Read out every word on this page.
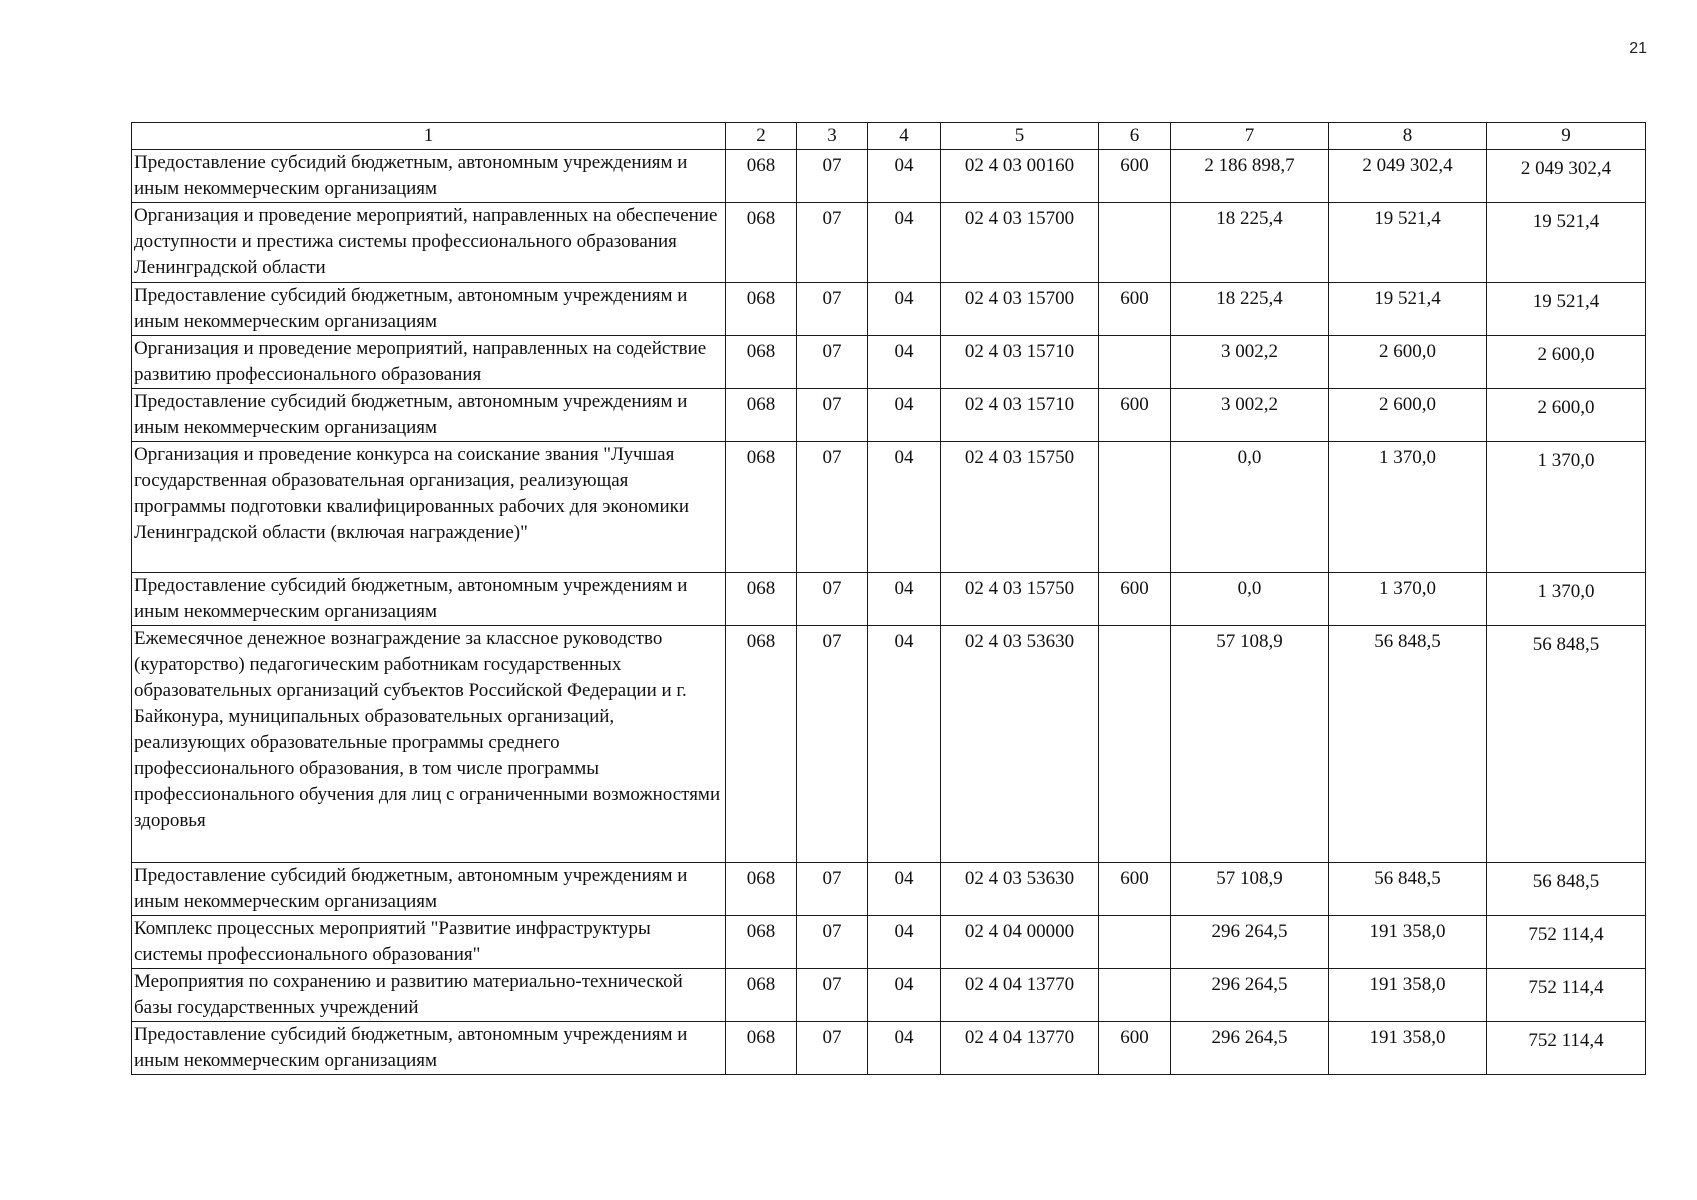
21
1	2	3	4	5	6	7	8	9
Предоставление субсидий бюджетным, автономным учреждениям и иным некоммерческим организациям	068	07	04	02 4 03 00160	600	2 186 898,7	2 049 302,4	2 049 302,4
Организация и проведение мероприятий, направленных на обеспечение доступности и престижа системы профессионального образования Ленинградской области	068	07	04	02 4 03 15700		18 225,4	19 521,4	19 521,4
Предоставление субсидий бюджетным, автономным учреждениям и иным некоммерческим организациям	068	07	04	02 4 03 15700	600	18 225,4	19 521,4	19 521,4
Организация и проведение мероприятий, направленных на содействие развитию профессионального образования	068	07	04	02 4 03 15710		3 002,2	2 600,0	2 600,0
Предоставление субсидий бюджетным, автономным учреждениям и иным некоммерческим организациям	068	07	04	02 4 03 15710	600	3 002,2	2 600,0	2 600,0
Организация и проведение конкурса на соискание звания "Лучшая государственная образовательная организация, реализующая программы подготовки квалифицированных рабочих для экономики Ленинградской области (включая награждение)"	068	07	04	02 4 03 15750		0,0	1 370,0	1 370,0
Предоставление субсидий бюджетным, автономным учреждениям и иным некоммерческим организациям	068	07	04	02 4 03 15750	600	0,0	1 370,0	1 370,0
Ежемесячное денежное вознаграждение за классное руководство (кураторство) педагогическим работникам государственных образовательных организаций субъектов Российской Федерации и г. Байконура, муниципальных образовательных организаций, реализующих образовательные программы среднего профессионального образования, в том числе программы профессионального обучения для лиц с ограниченными возможностями здоровья	068	07	04	02 4 03 53630		57 108,9	56 848,5	56 848,5
Предоставление субсидий бюджетным, автономным учреждениям и иным некоммерческим организациям	068	07	04	02 4 03 53630	600	57 108,9	56 848,5	56 848,5
Комплекс процессных мероприятий "Развитие инфраструктуры системы профессионального образования"	068	07	04	02 4 04 00000		296 264,5	191 358,0	752 114,4
Мероприятия по сохранению и развитию материально-технической базы государственных учреждений	068	07	04	02 4 04 13770		296 264,5	191 358,0	752 114,4
Предоставление субсидий бюджетным, автономным учреждениям и иным некоммерческим организациям	068	07	04	02 4 04 13770	600	296 264,5	191 358,0	752 114,4
